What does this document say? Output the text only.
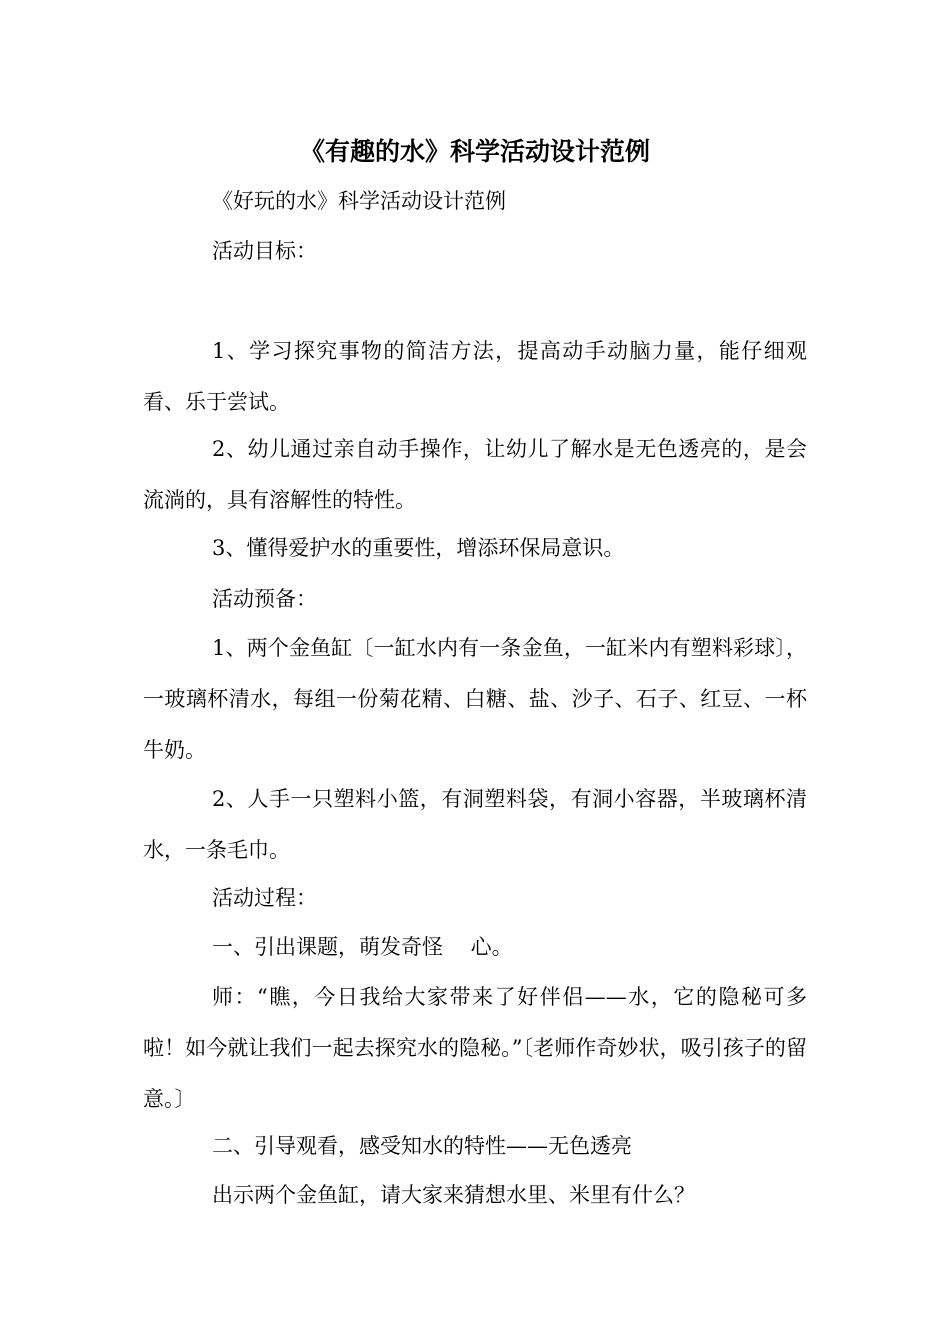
《有趣的水》科学活动设计范例

《好玩的水》科学活动设计范例

活动目标：

1、学习探究事物的简洁方法，提高动手动脑力量，能仔细观看、乐于尝试。

2、幼儿通过亲自动手操作，让幼儿了解水是无色透亮的，是会流淌的，具有溶解性的特性。

3、懂得爱护水的重要性，增添环保局意识。

活动预备：

1、两个金鱼缸〔一缸水内有一条金鱼，一缸米内有塑料彩球〕，一玻璃杯清水，每组一份菊花精、白糖、盐、沙子、石子、红豆、一杯牛奶。

2、人手一只塑料小篮，有洞塑料袋，有洞小容器，半玻璃杯清水，一条毛巾。

活动过程：

一、引出课题，萌发奇怪　 心。

师：“瞧，今日我给大家带来了好伴侣——水，它的隐秘可多啦！如今就让我们一起去探究水的隐秘。”〔老师作奇妙状，吸引孩子的留意。〕

二、引导观看，感受知水的特性——无色透亮

出示两个金鱼缸，请大家来猜想水里、米里有什么？
